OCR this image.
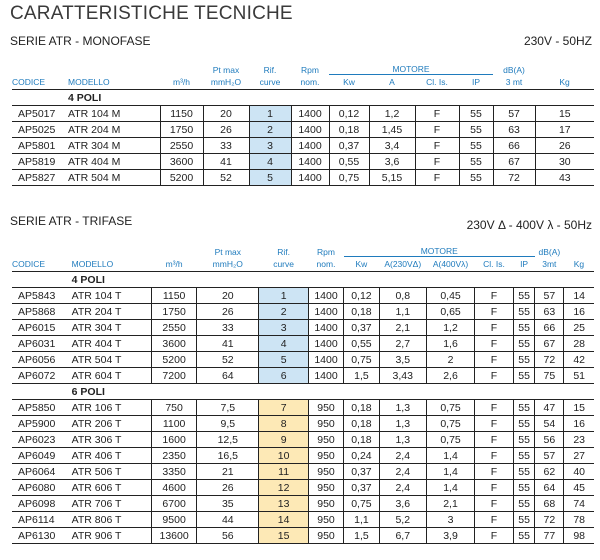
CARATTERISTICHE TECNICHE
SERIE ATR - MONOFASE	230V - 50HZ
			Pt max	Rif.	Rpm	MOTORE				dB(A)	
CODICE	MODELLO	m³/h	mmH₂O	curve	nom.	Kw	A	Cl. Is.	IP	3 mt	Kg
	4 POLI										
AP5017	ATR 104 M	1150	20	1	1400	0,12	1,2	F	55	57	15
AP5025	ATR 204 M	1750	26	2	1400	0,18	1,45	F	55	63	17
AP5801	ATR 304 M	2550	33	3	1400	0,37	3,4	F	55	66	26
AP5819	ATR 404 M	3600	41	4	1400	0,55	3,6	F	55	67	30
AP5827	ATR 504 M	5200	52	5	1400	0,75	5,15	F	55	72	43
SERIE ATR - TRIFASE	230V Δ - 400V λ - 50Hz
			Pt max	Rif.	Rpm	MOTORE					dB(A)	
CODICE	MODELLO	m³/h	mmH₂O	curve	nom.	Kw	A(230VΔ)	A(400Vλ)	Cl. Is.	IP	3mt	Kg
	4 POLI											
AP5843	ATR 104 T	1150	20	1	1400	0,12	0,8	0,45	F	55	57	14
AP5868	ATR 204 T	1750	26	2	1400	0,18	1,1	0,65	F	55	63	16
AP6015	ATR 304 T	2550	33	3	1400	0,37	2,1	1,2	F	55	66	25
AP6031	ATR 404 T	3600	41	4	1400	0,55	2,7	1,6	F	55	67	28
AP6056	ATR 504 T	5200	52	5	1400	0,75	3,5	2	F	55	72	42
AP6072	ATR 604 T	7200	64	6	1400	1,5	3,43	2,6	F	55	75	51
	6 POLI											
AP5850	ATR 106 T	750	7,5	7	950	0,18	1,3	0,75	F	55	47	15
AP5900	ATR 206 T	1100	9,5	8	950	0,18	1,3	0,75	F	55	54	16
AP6023	ATR 306 T	1600	12,5	9	950	0,18	1,3	0,75	F	55	56	23
AP6049	ATR 406 T	2350	16,5	10	950	0,24	2,4	1,4	F	55	57	27
AP6064	ATR 506 T	3350	21	11	950	0,37	2,4	1,4	F	55	62	40
AP6080	ATR 606 T	4600	26	12	950	0,37	2,4	1,4	F	55	64	45
AP6098	ATR 706 T	6700	35	13	950	0,75	3,6	2,1	F	55	68	74
AP6114	ATR 806 T	9500	44	14	950	1,1	5,2	3	F	55	72	78
AP6130	ATR 906 T	13600	56	15	950	1,5	6,7	3,9	F	55	77	98
